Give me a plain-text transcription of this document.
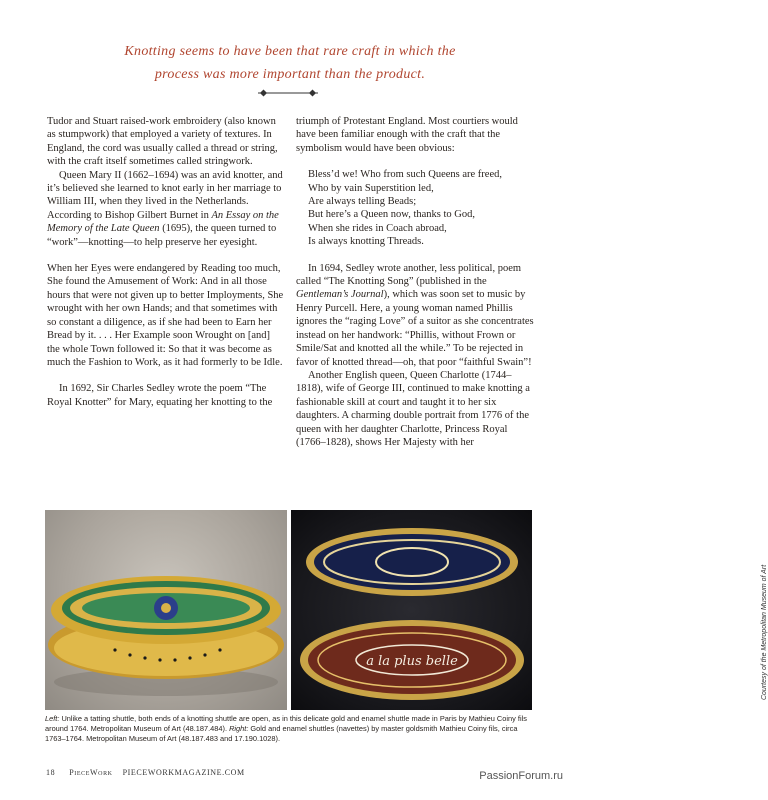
Knotting seems to have been that rare craft in which the
process was more important than the product.

Tudor and Stuart raised-work embroidery (also known as stumpwork) that employed a variety of textures. In England, the cord was usually called a thread or string, with the craft itself sometimes called stringwork.

Queen Mary II (1662–1694) was an avid knotter, and it’s believed she learned to knot early in her marriage to William III, when they lived in the Netherlands. According to Bishop Gilbert Burnet in An Essay on the Memory of the Late Queen (1695), the queen turned to “work”—knotting—to help preserve her eyesight.

When her Eyes were endangered by Reading too much, She found the Amusement of Work: And in all those hours that were not given up to better Imployments, She wrought with her own Hands; and that sometimes with so constant a diligence, as if she had been to Earn her Bread by it. . . . Her Example soon Wrought on [and] the whole Town followed it: So that it was become as much the Fashion to Work, as it had formerly to be Idle.

In 1692, Sir Charles Sedley wrote the poem “The Royal Knotter” for Mary, equating her knotting to the

triumph of Protestant England. Most courtiers would have been familiar enough with the craft that the symbolism would have been obvious:

Bless’d we! Who from such Queens are freed,
Who by vain Superstition led,
Are always telling Beads;
But here’s a Queen now, thanks to God,
When she rides in Coach abroad,
Is always knotting Threads.

In 1694, Sedley wrote another, less political, poem called “The Knotting Song” (published in the Gentleman’s Journal), which was soon set to music by Henry Purcell. Here, a young woman named Phillis ignores the “raging Love” of a suitor as she concentrates instead on her handwork: “Phillis, without Frown or Smile/Sat and knotted all the while.” To be rejected in favor of knotted thread—oh, that poor “faithful Swain”!

Another English queen, Queen Charlotte (1744–1818), wife of George III, continued to make knotting a fashionable skill at court and taught it to her six daughters. A charming double portrait from 1776 of the queen with her daughter Charlotte, Princess Royal (1766–1828), shows Her Majesty with her

a la plus belle	Courtesy of the Metropolitan Museum of Art
Left: Unlike a tatting shuttle, both ends of a knotting shuttle are open, as in this delicate gold and enamel shuttle made in Paris by Mathieu Coiny fils around 1764. Metropolitan Museum of Art (48.187.484). Right: Gold and enamel shuttles (navettes) by master goldsmith Mathieu Coiny fils, circa 1763–1764. Metropolitan Museum of Art (48.187.483 and 17.190.1028).
18 PieceWork PIECEWORKMAGAZINE.COM	PassionForum.ru
